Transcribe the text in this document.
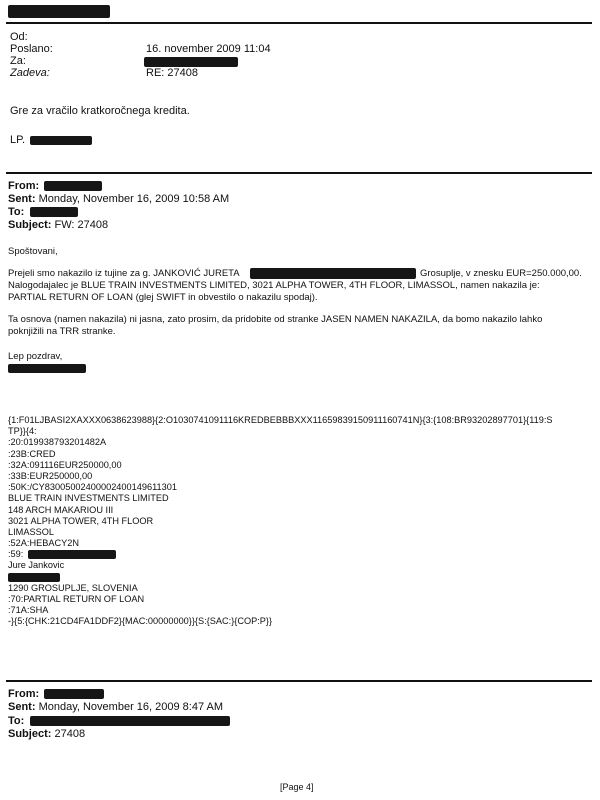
Od:
Poslano:	16. november 2009 11:04
Za:
Zadeva:	RE: 27408
Gre za vračilo kratkoročnega kredita.
LP.
From:
Sent: Monday, November 16, 2009 10:58 AM
To:
Subject: FW: 27408
Spoštovani,
Prejeli smo nakazilo iz tujine za g. JANKOVIĆ JURETA	Grosuplje, v znesku EUR=250.000,00.
Nalogodajalec je BLUE TRAIN INVESTMENTS LIMITED, 3021 ALPHA TOWER, 4TH FLOOR, LIMASSOL, namen nakazila je:
PARTIAL RETURN OF LOAN (glej SWIFT in obvestilo o nakazilu spodaj).
Ta osnova (namen nakazila) ni jasna, zato prosim, da pridobite od stranke JASEN NAMEN NAKAZILA, da bomo nakazilo lahko
poknjižili na TRR stranke.
Lep pozdrav,
{1:F01LJBASI2XAXXX0638623988}{2:O1030741091116KREDBEBBBXXX11659839150911160741N}{3:{108:BR93202897701}{119:S
TP}}{4:
:20:019938793201482A
:23B:CRED
:32A:091116EUR250000,00
:33B:EUR250000,00
:50K:/CY83005002400002400149611301
BLUE TRAIN INVESTMENTS LIMITED
148 ARCH MAKARIOU III
3021 ALPHA TOWER, 4TH FLOOR
LIMASSOL
:52A:HEBACY2N
:59:
Jure Jankovic
1290 GROSUPLJE, SLOVENIA
:70:PARTIAL RETURN OF LOAN
:71A:SHA
-}{5:{CHK:21CD4FA1DDF2}{MAC:00000000}}{S:{SAC:}{COP:P}}
From:
Sent: Monday, November 16, 2009 8:47 AM
To:
Subject: 27408
[Page 4]
